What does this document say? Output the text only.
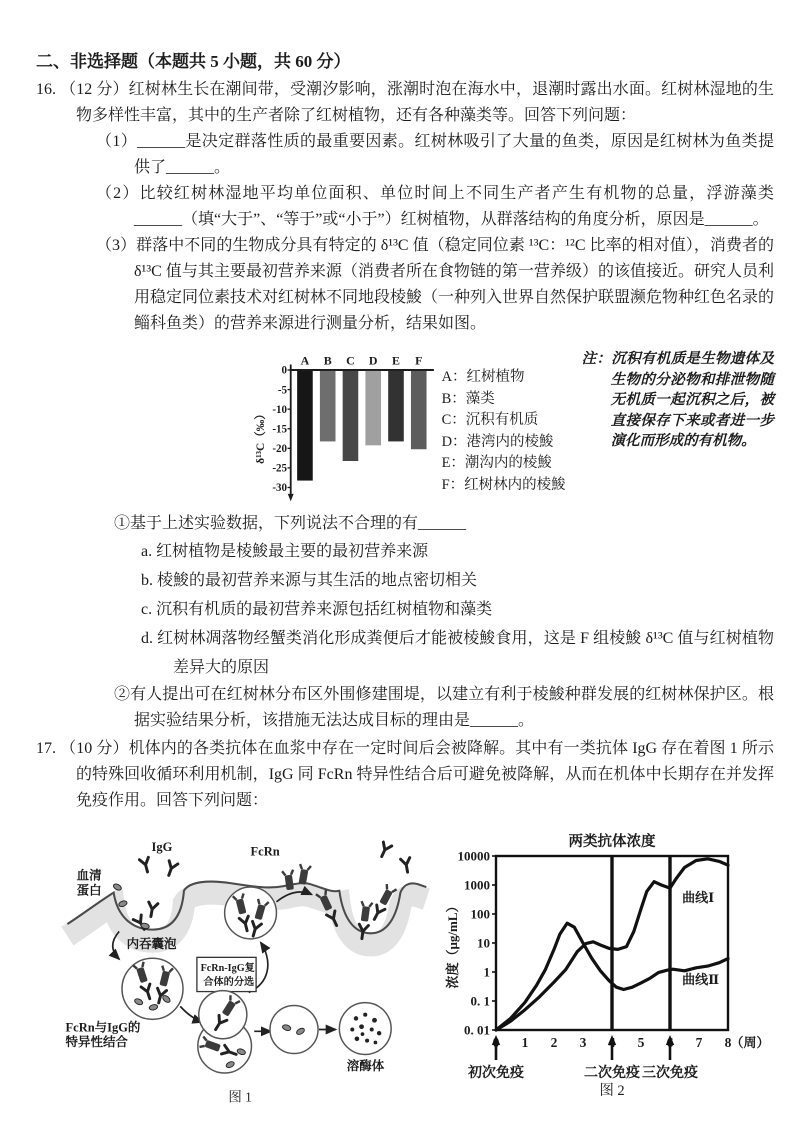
二、非选择题（本题共 5 小题，共 60 分）

16. （12 分）红树林生长在潮间带，受潮汐影响，涨潮时泡在海水中，退潮时露出水面。红树林湿地的生物多样性丰富，其中的生产者除了红树植物，还有各种藻类等。回答下列问题：

（1）______是决定群落性质的最重要因素。红树林吸引了大量的鱼类，原因是红树林为鱼类提供了______。

（2）比较红树林湿地平均单位面积、单位时间上不同生产者产生有机物的总量，浮游藻类______（填“大于”、“等于”或“小于”）红树植物，从群落结构的角度分析，原因是______。

（3）群落中不同的生物成分具有特定的 δ¹³C 值（稳定同位素 ¹³C：¹²C 比率的相对值），消费者的 δ¹³C 值与其主要最初营养来源（消费者所在食物链的第一营养级）的该值接近。研究人员利用稳定同位素技术对红树林不同地段棱鮻（一种列入世界自然保护联盟濒危物种红色名录的鲻科鱼类）的营养来源进行测量分析，结果如图。

δ¹³C（‰）
0
-5
-10
-15
-20
-25
-30
A B C D E F
A：红树植物
B：藻类
C：沉积有机质
D：港湾内的棱鮻
E：潮沟内的棱鮻
F：红树林内的棱鮻

注：沉积有机质是生物遗体及生物的分泌物和排泄物随无机质一起沉积之后，被直接保存下来或者进一步演化而形成的有机物。

①基于上述实验数据，下列说法不合理的有______

a. 红树植物是棱鮻最主要的最初营养来源

b. 棱鮻的最初营养来源与其生活的地点密切相关

c. 沉积有机质的最初营养来源包括红树植物和藻类

d. 红树林凋落物经蟹类消化形成粪便后才能被棱鮻食用，这是 F 组棱鮻 δ¹³C 值与红树植物差异大的原因

②有人提出可在红树林分布区外围修建围堤，以建立有利于棱鮻种群发展的红树林保护区。根据实验结果分析，该措施无法达成目标的理由是______。

17. （10 分）机体内的各类抗体在血浆中存在一定时间后会被降解。其中有一类抗体 IgG 存在着图 1 所示的特殊回收循环利用机制，IgG 同 FcRn 特异性结合后可避免被降解，从而在机体中长期存在并发挥免疫作用。回答下列问题：

IgG	FcRn
血清
蛋白
内吞囊泡
FcRn与IgG的
特异性结合
FcRn-IgG复
合体的分选
溶酶体
图 1
两类抗体浓度
浓度（μg/mL）
10000
1000
100
10
1
0. 1
0. 01
1 2 3	5	7 8 （周）
曲线Ⅰ
曲线Ⅱ
初次免疫	二次免疫 三次免疫
图 2
